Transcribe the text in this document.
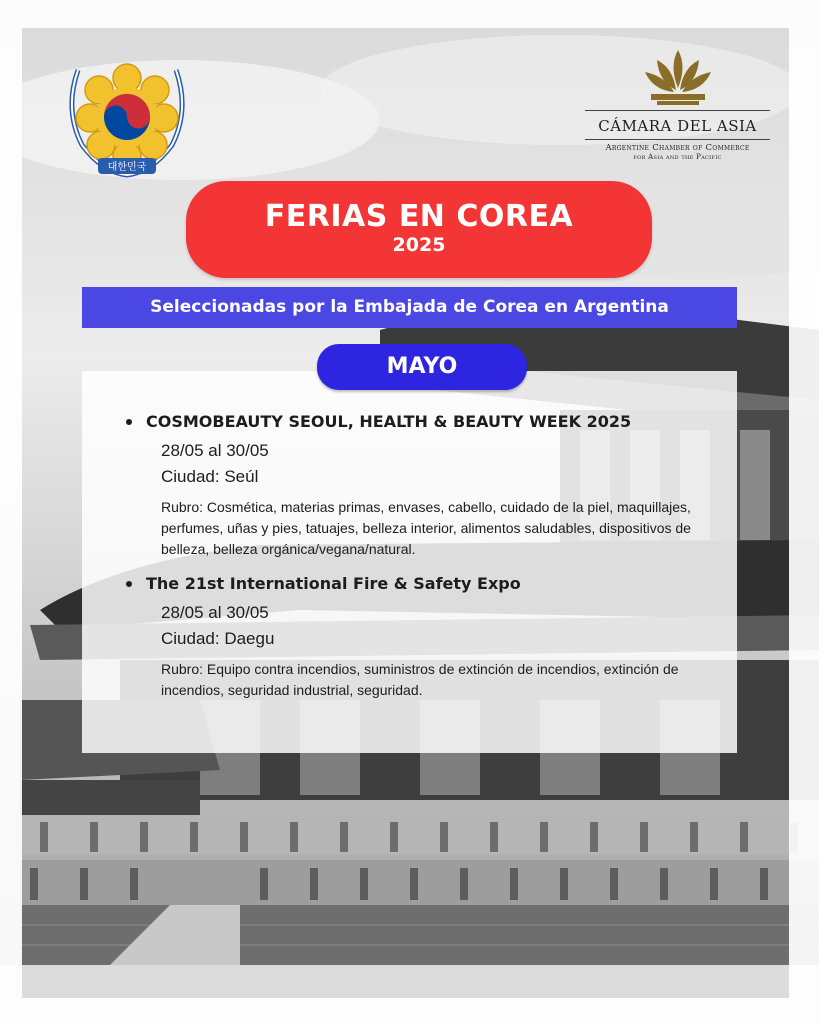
대한민국
CÁMARA DEL ASIA
Argentine Chamber of Commerce
for Asia and the Pacific
FERIAS EN COREA
2025
Seleccionadas por la Embajada de Corea en Argentina
MAYO
COSMOBEAUTY SEOUL, HEALTH & BEAUTY WEEK 2025
28/05 al 30/05
Ciudad: Seúl
Rubro: Cosmética, materias primas, envases, cabello, cuidado de la piel, maquillajes, perfumes, uñas y pies, tatuajes, belleza interior, alimentos saludables, dispositivos de belleza, belleza orgánica/vegana/natural.
The 21st International Fire & Safety Expo
28/05 al 30/05
Ciudad: Daegu
Rubro: Equipo contra incendios, suministros de extinción de incendios, extinción de incendios, seguridad industrial, seguridad.
